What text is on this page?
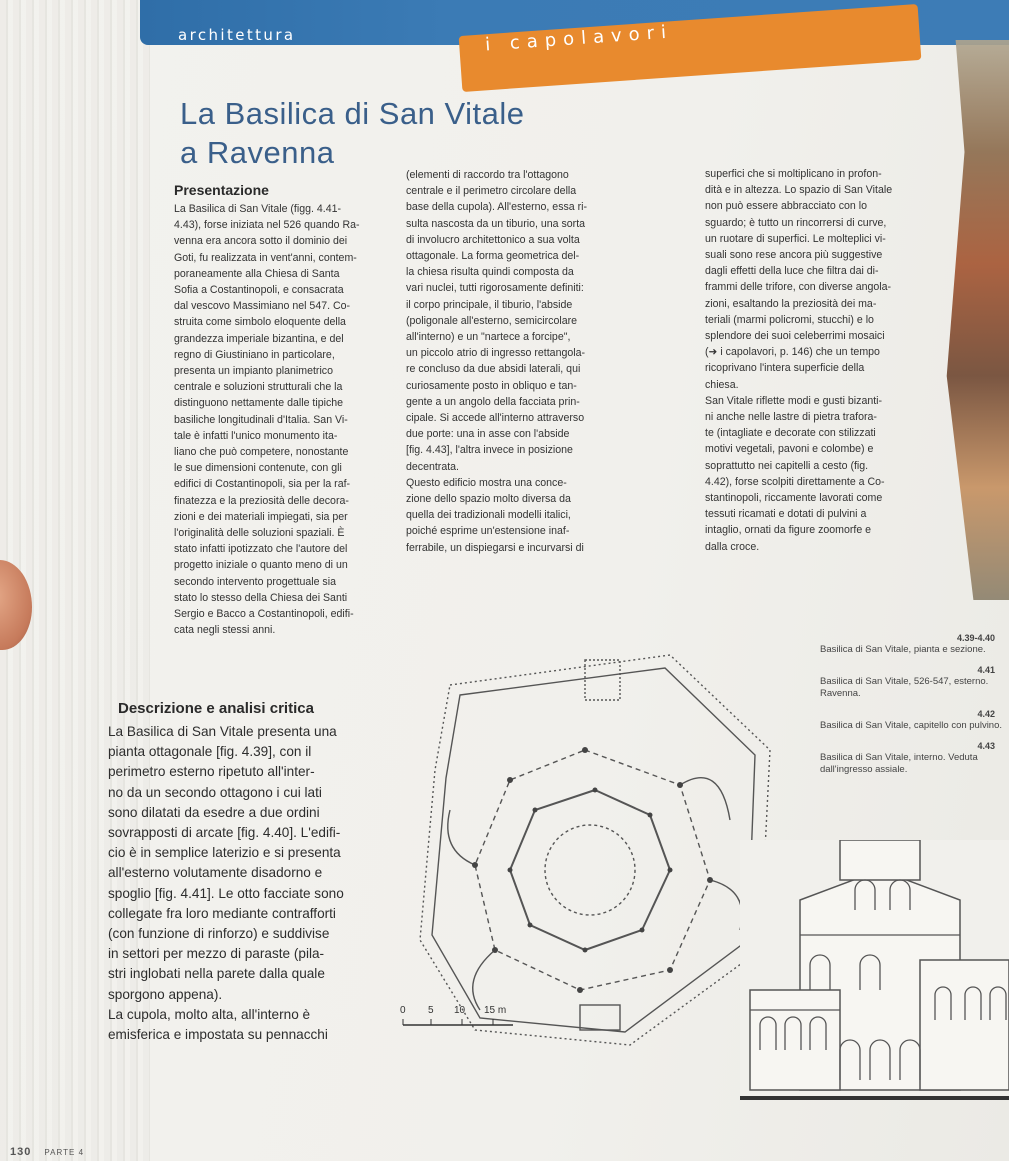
architettura	i capolavori
La Basilica di San Vitale
a Ravenna
Presentazione
La Basilica di San Vitale (figg. 4.41-
4.43), forse iniziata nel 526 quando Ra-
venna era ancora sotto il dominio dei
Goti, fu realizzata in vent'anni, contem-
poraneamente alla Chiesa di Santa
Sofia a Costantinopoli, e consacrata
dal vescovo Massimiano nel 547. Co-
struita come simbolo eloquente della
grandezza imperiale bizantina, e del
regno di Giustiniano in particolare,
presenta un impianto planimetrico
centrale e soluzioni strutturali che la
distinguono nettamente dalle tipiche
basiliche longitudinali d'Italia. San Vi-
tale è infatti l'unico monumento ita-
liano che può competere, nonostante
le sue dimensioni contenute, con gli
edifici di Costantinopoli, sia per la raf-
finatezza e la preziosità delle decora-
zioni e dei materiali impiegati, sia per
l'originalità delle soluzioni spaziali. È
stato infatti ipotizzato che l'autore del
progetto iniziale o quanto meno di un
secondo intervento progettuale sia
stato lo stesso della Chiesa dei Santi
Sergio e Bacco a Costantinopoli, edifi-
cata negli stessi anni.
(elementi di raccordo tra l'ottagono
centrale e il perimetro circolare della
base della cupola). All'esterno, essa ri-
sulta nascosta da un tiburio, una sorta
di involucro architettonico a sua volta
ottagonale. La forma geometrica del-
la chiesa risulta quindi composta da
vari nuclei, tutti rigorosamente definiti:
il corpo principale, il tiburio, l'abside
(poligonale all'esterno, semicircolare
all'interno) e un "nartece a forcipe",
un piccolo atrio di ingresso rettangola-
re concluso da due absidi laterali, qui
curiosamente posto in obliquo e tan-
gente a un angolo della facciata prin-
cipale. Si accede all'interno attraverso
due porte: una in asse con l'abside
[fig. 4.43], l'altra invece in posizione
decentrata.
Questo edificio mostra una conce-
zione dello spazio molto diversa da
quella dei tradizionali modelli italici,
poiché esprime un'estensione inaf-
ferrabile, un dispiegarsi e incurvarsi di
superfici che si moltiplicano in profon-
dità e in altezza. Lo spazio di San Vitale
non può essere abbracciato con lo
sguardo; è tutto un rincorrersi di curve,
un ruotare di superfici. Le molteplici vi-
suali sono rese ancora più suggestive
dagli effetti della luce che filtra dai di-
frammi delle trifore, con diverse angola-
zioni, esaltando la preziosità dei ma-
teriali (marmi policromi, stucchi) e lo
splendore dei suoi celeberrimi mosaici
(➜ i capolavori, p. 146) che un tempo
ricoprivano l'intera superficie della
chiesa.
San Vitale riflette modi e gusti bizanti-
ni anche nelle lastre di pietra trafora-
te (intagliate e decorate con stilizzati
motivi vegetali, pavoni e colombe) e
soprattutto nei capitelli a cesto (fig.
4.42), forse scolpiti direttamente a Co-
stantinopoli, riccamente lavorati come
tessuti ricamati e dotati di pulvini a
intaglio, ornati da figure zoomorfe e
dalla croce.
Descrizione e analisi critica
La Basilica di San Vitale presenta una
pianta ottagonale [fig. 4.39], con il
perimetro esterno ripetuto all'inter-
no da un secondo ottagono i cui lati
sono dilatati da esedre a due ordini
sovrapposti di arcate [fig. 4.40]. L'edifi-
cio è in semplice laterizio e si presenta
all'esterno volutamente disadorno e
spoglio [fig. 4.41]. Le otto facciate sono
collegate fra loro mediante contrafforti
(con funzione di rinforzo) e suddivise
in settori per mezzo di paraste (pila-
stri inglobati nella parete dalla quale
sporgono appena).
La cupola, molto alta, all'interno è
emisferica e impostata su pennacchi
0 5 10 15 m
4.39-4.40
Basilica di San Vitale, pianta e sezione.
4.41
Basilica di San Vitale, 526-547, esterno. Ravenna.
4.42
Basilica di San Vitale, capitello con pulvino.
4.43
Basilica di San Vitale, interno. Veduta dall'ingresso assiale.
130 PARTE 4
